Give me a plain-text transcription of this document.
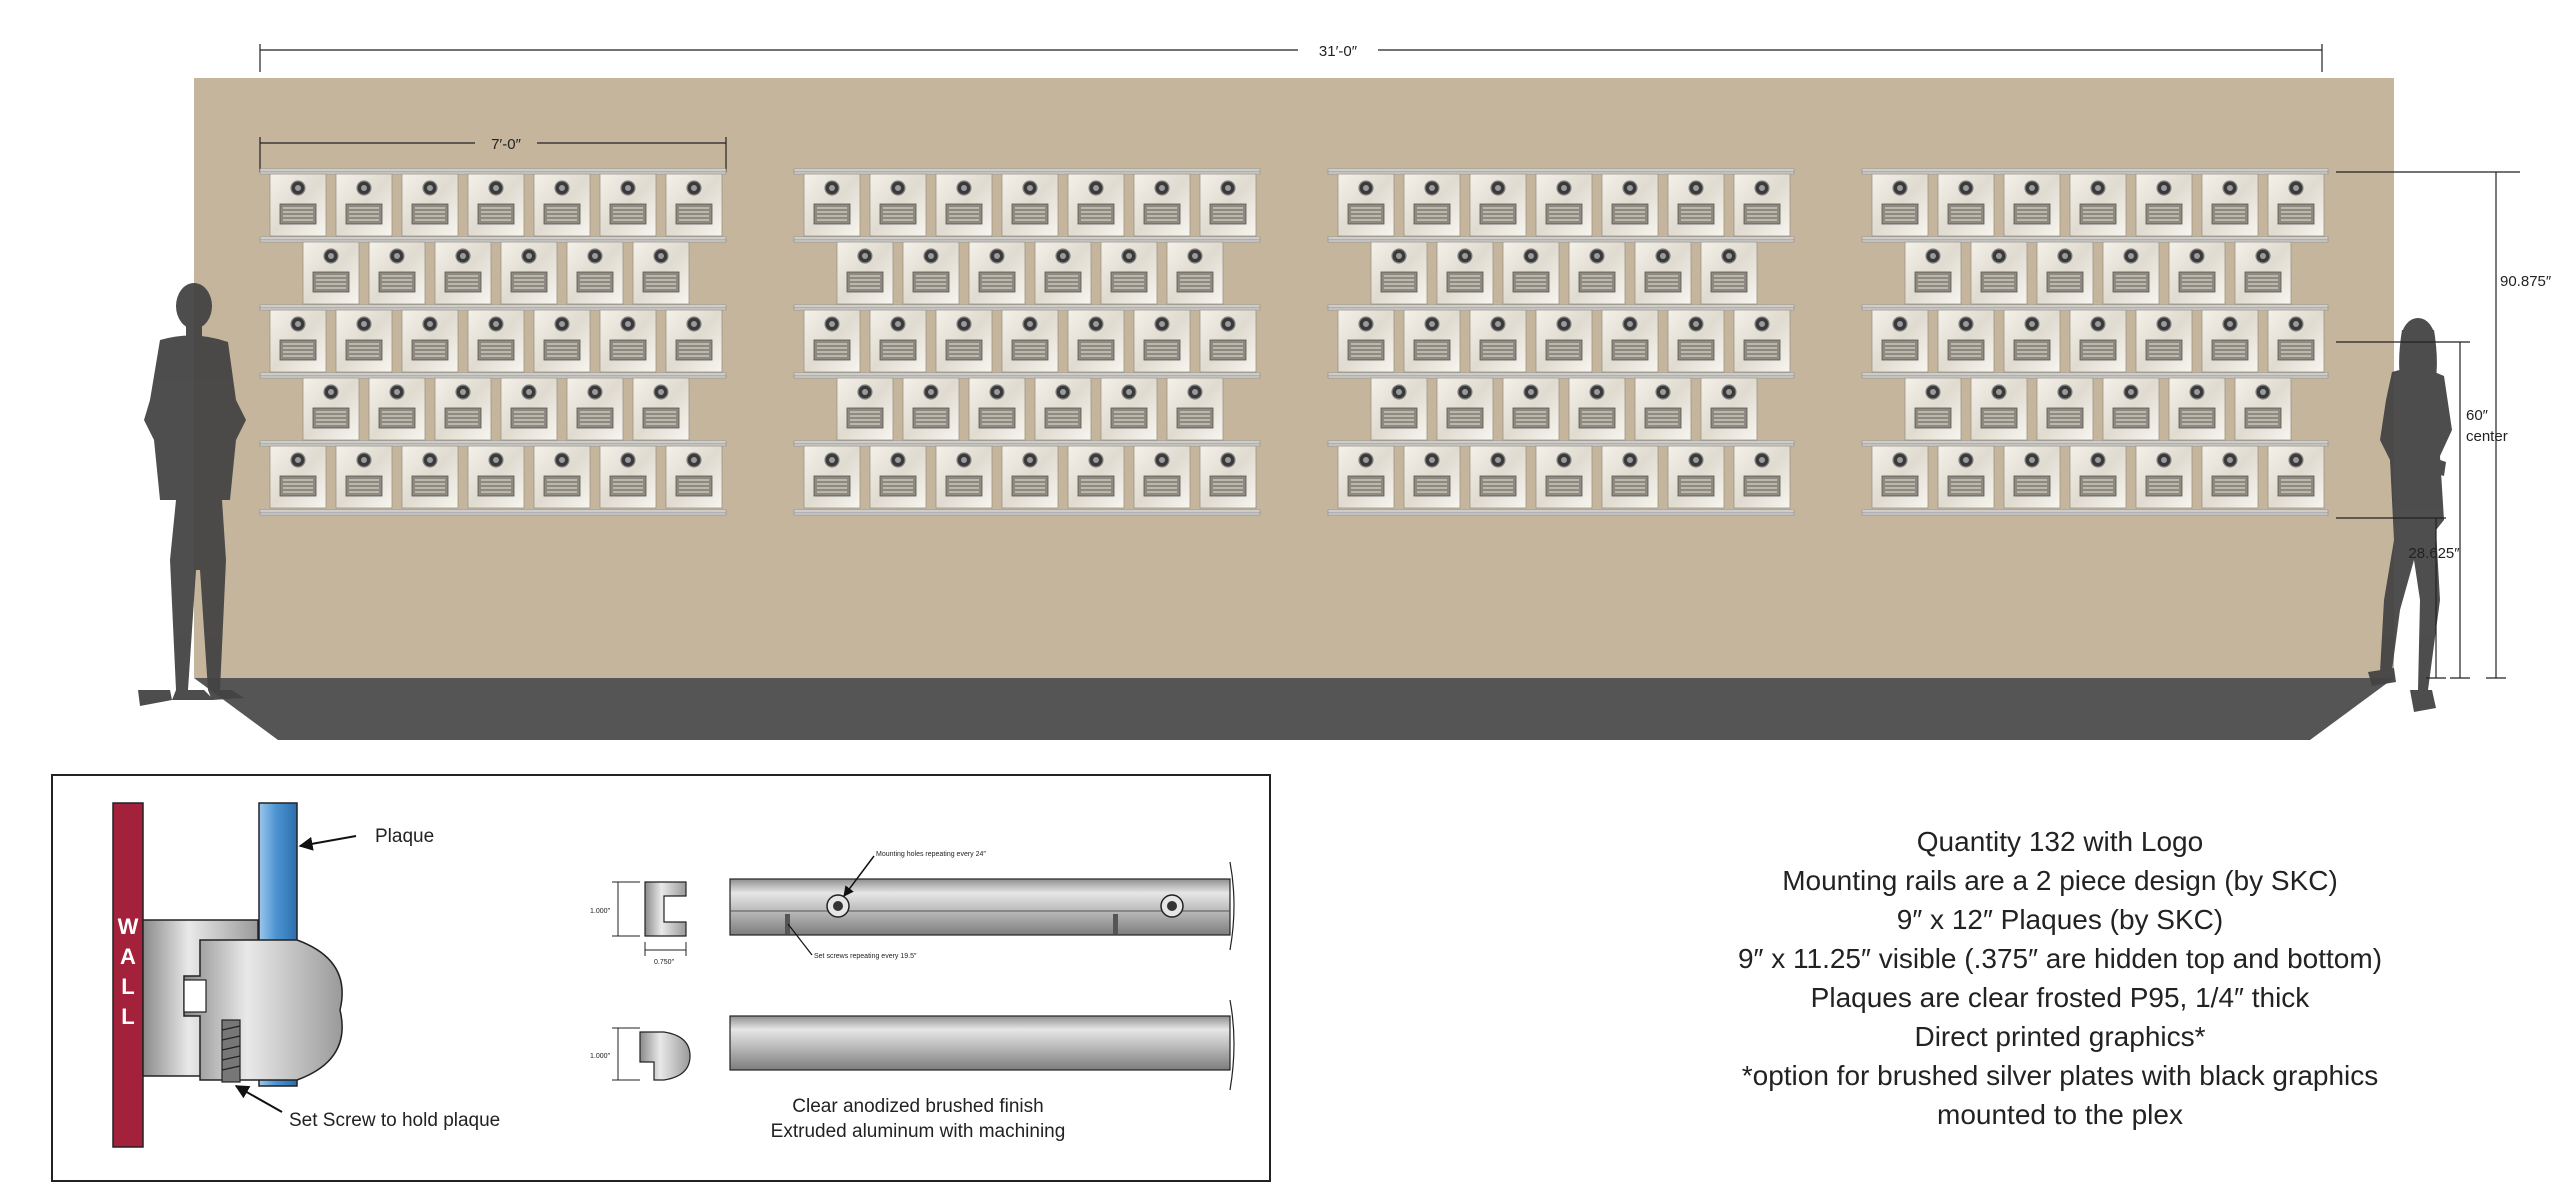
31′-0″
7′-0″
90.875″
60″
center
28.625″
W
A
L
L
Plaque
Set Screw to hold plaque
1.000″
0.750″
1.000″
Mounting holes repeating every 24″
Set screws repeating every 19.5″
Clear anodized brushed finish
Extruded aluminum with machining
Quantity 132 with Logo
Mounting rails are a 2 piece design (by SKC)
9″ x 12″ Plaques (by SKC)
9″ x 11.25″ visible (.375″ are hidden top and bottom)
Plaques are clear frosted P95, 1/4″ thick
Direct printed graphics*
*option for brushed silver plates with black graphics
mounted to the plex
